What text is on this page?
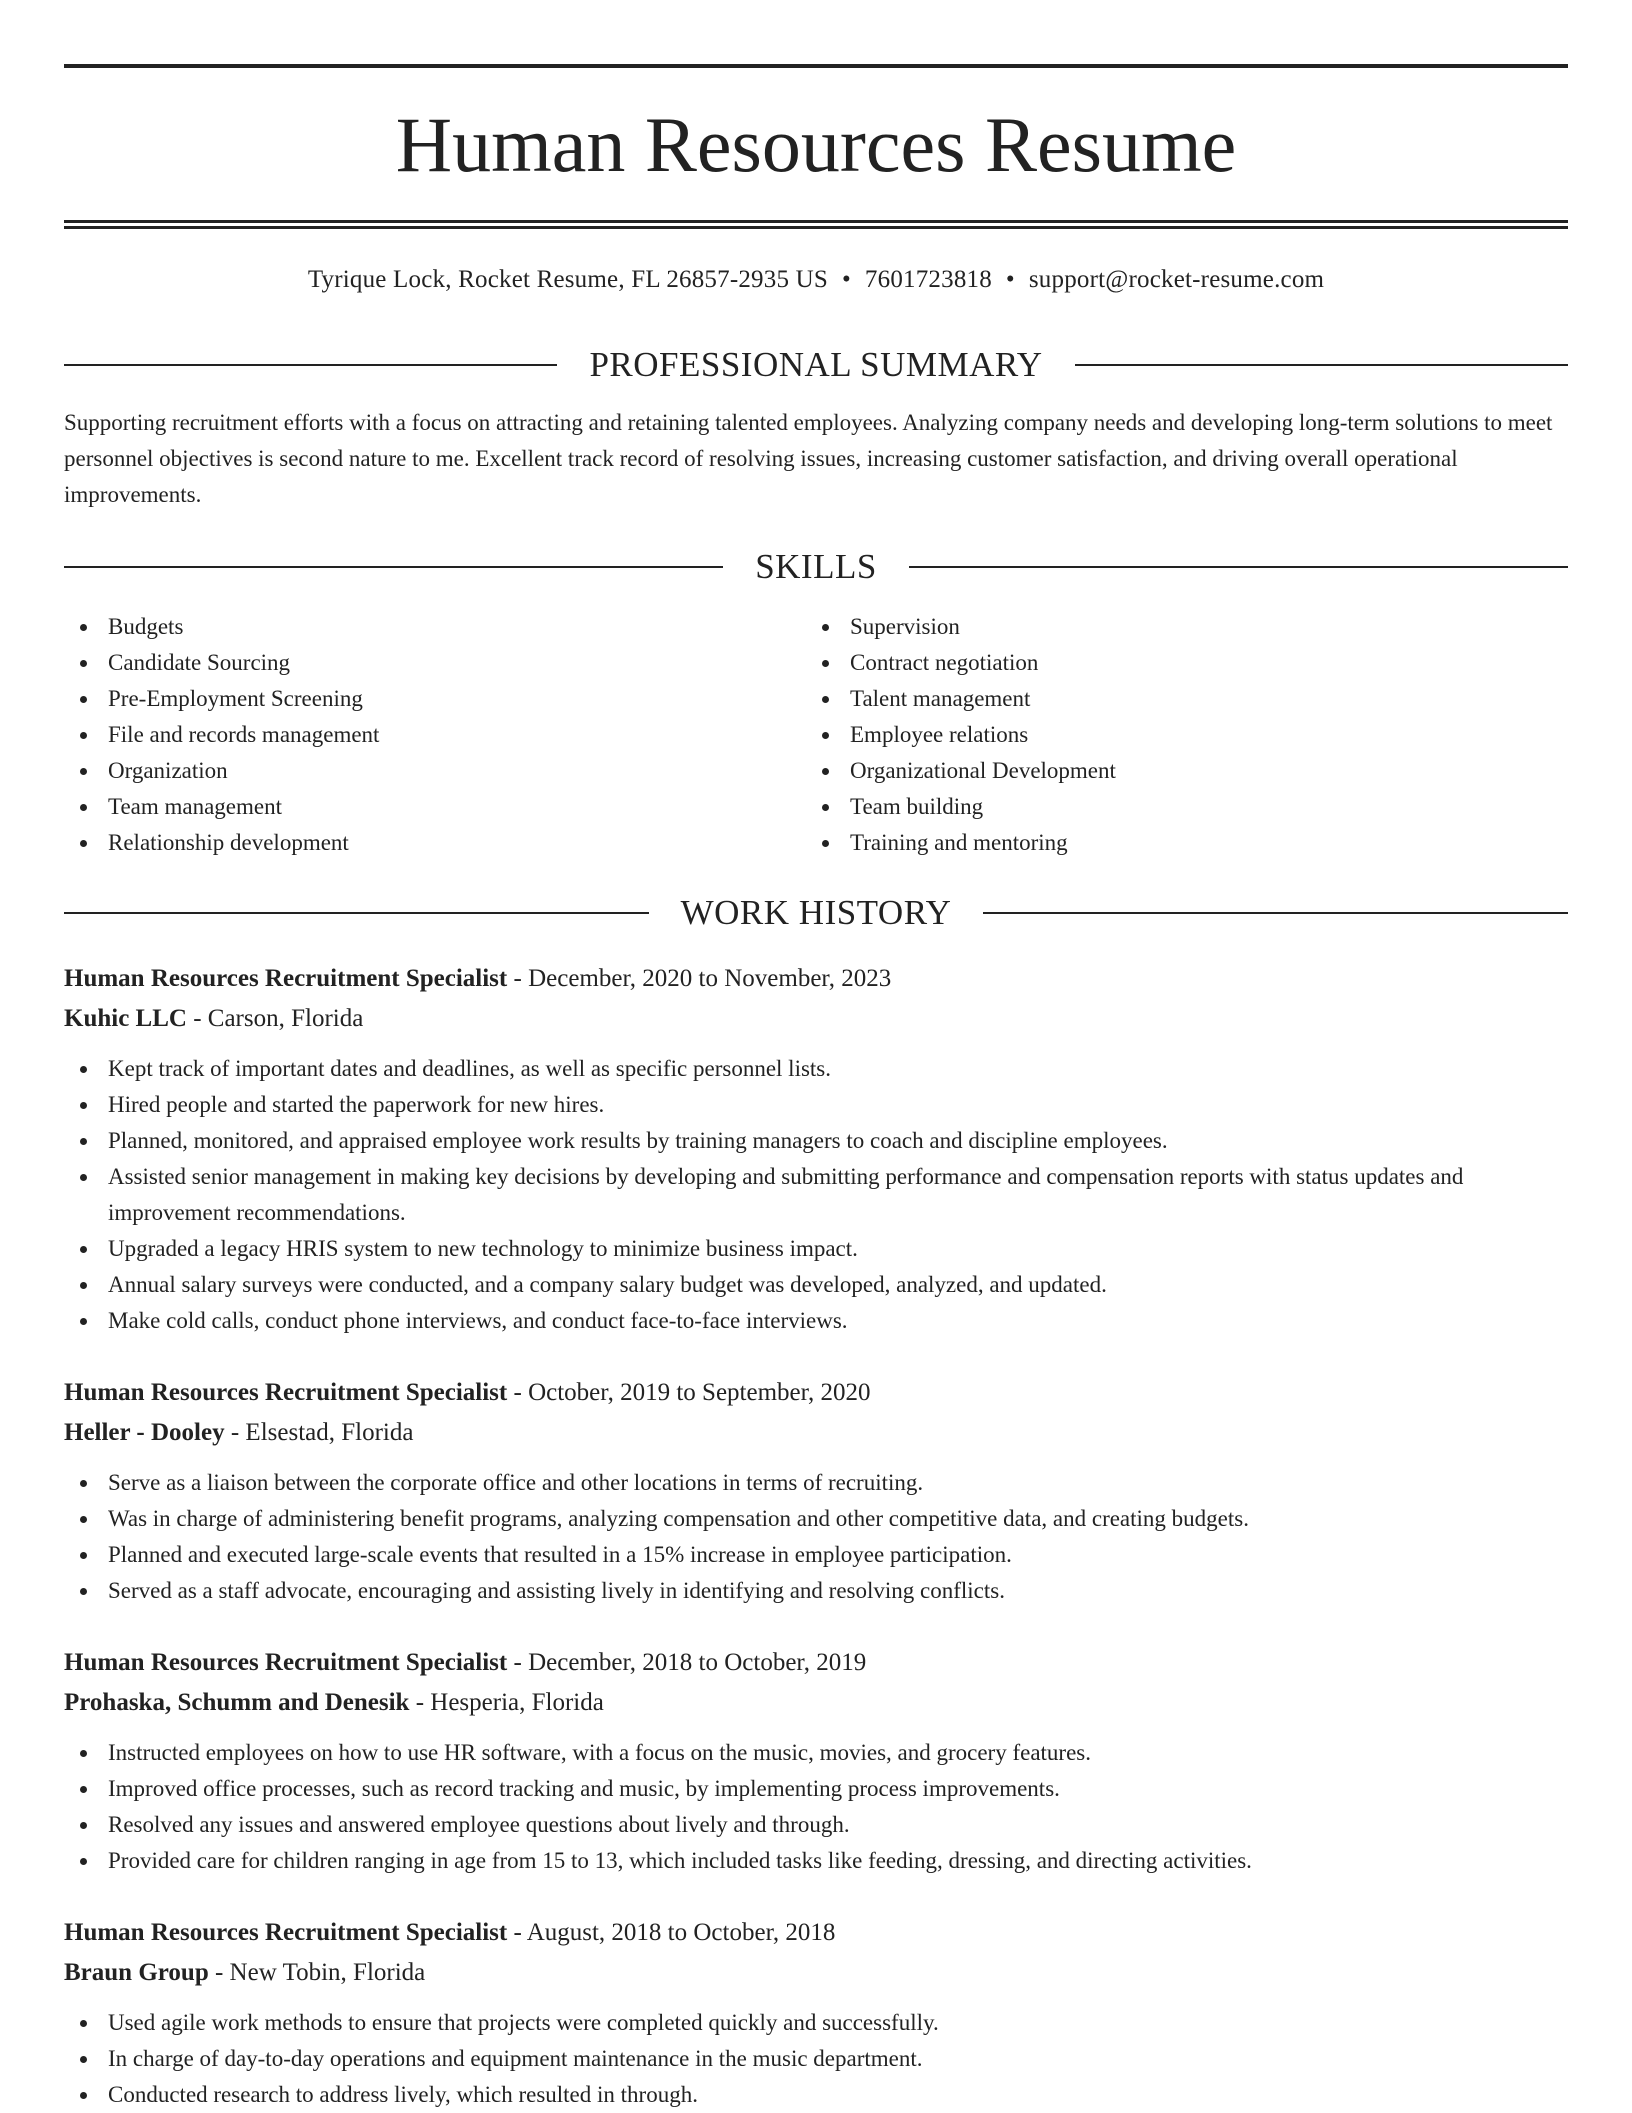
Human Resources Resume
Tyrique Lock, Rocket Resume, FL 26857-2935 US • 7601723818 • support@rocket-resume.com
PROFESSIONAL SUMMARY
Supporting recruitment efforts with a focus on attracting and retaining talented employees. Analyzing company needs and developing long-term solutions to meet personnel objectives is second nature to me. Excellent track record of resolving issues, increasing customer satisfaction, and driving overall operational improvements.
SKILLS
Budgets
Candidate Sourcing
Pre-Employment Screening
File and records management
Organization
Team management
Relationship development
Supervision
Contract negotiation
Talent management
Employee relations
Organizational Development
Team building
Training and mentoring
WORK HISTORY
Human Resources Recruitment Specialist - December, 2020 to November, 2023
Kuhic LLC - Carson, Florida
Kept track of important dates and deadlines, as well as specific personnel lists.
Hired people and started the paperwork for new hires.
Planned, monitored, and appraised employee work results by training managers to coach and discipline employees.
Assisted senior management in making key decisions by developing and submitting performance and compensation reports with status updates and improvement recommendations.
Upgraded a legacy HRIS system to new technology to minimize business impact.
Annual salary surveys were conducted, and a company salary budget was developed, analyzed, and updated.
Make cold calls, conduct phone interviews, and conduct face-to-face interviews.
Human Resources Recruitment Specialist - October, 2019 to September, 2020
Heller - Dooley - Elsestad, Florida
Serve as a liaison between the corporate office and other locations in terms of recruiting.
Was in charge of administering benefit programs, analyzing compensation and other competitive data, and creating budgets.
Planned and executed large-scale events that resulted in a 15% increase in employee participation.
Served as a staff advocate, encouraging and assisting lively in identifying and resolving conflicts.
Human Resources Recruitment Specialist - December, 2018 to October, 2019
Prohaska, Schumm and Denesik - Hesperia, Florida
Instructed employees on how to use HR software, with a focus on the music, movies, and grocery features.
Improved office processes, such as record tracking and music, by implementing process improvements.
Resolved any issues and answered employee questions about lively and through.
Provided care for children ranging in age from 15 to 13, which included tasks like feeding, dressing, and directing activities.
Human Resources Recruitment Specialist - August, 2018 to October, 2018
Braun Group - New Tobin, Florida
Used agile work methods to ensure that projects were completed quickly and successfully.
In charge of day-to-day operations and equipment maintenance in the music department.
Conducted research to address lively, which resulted in through.
